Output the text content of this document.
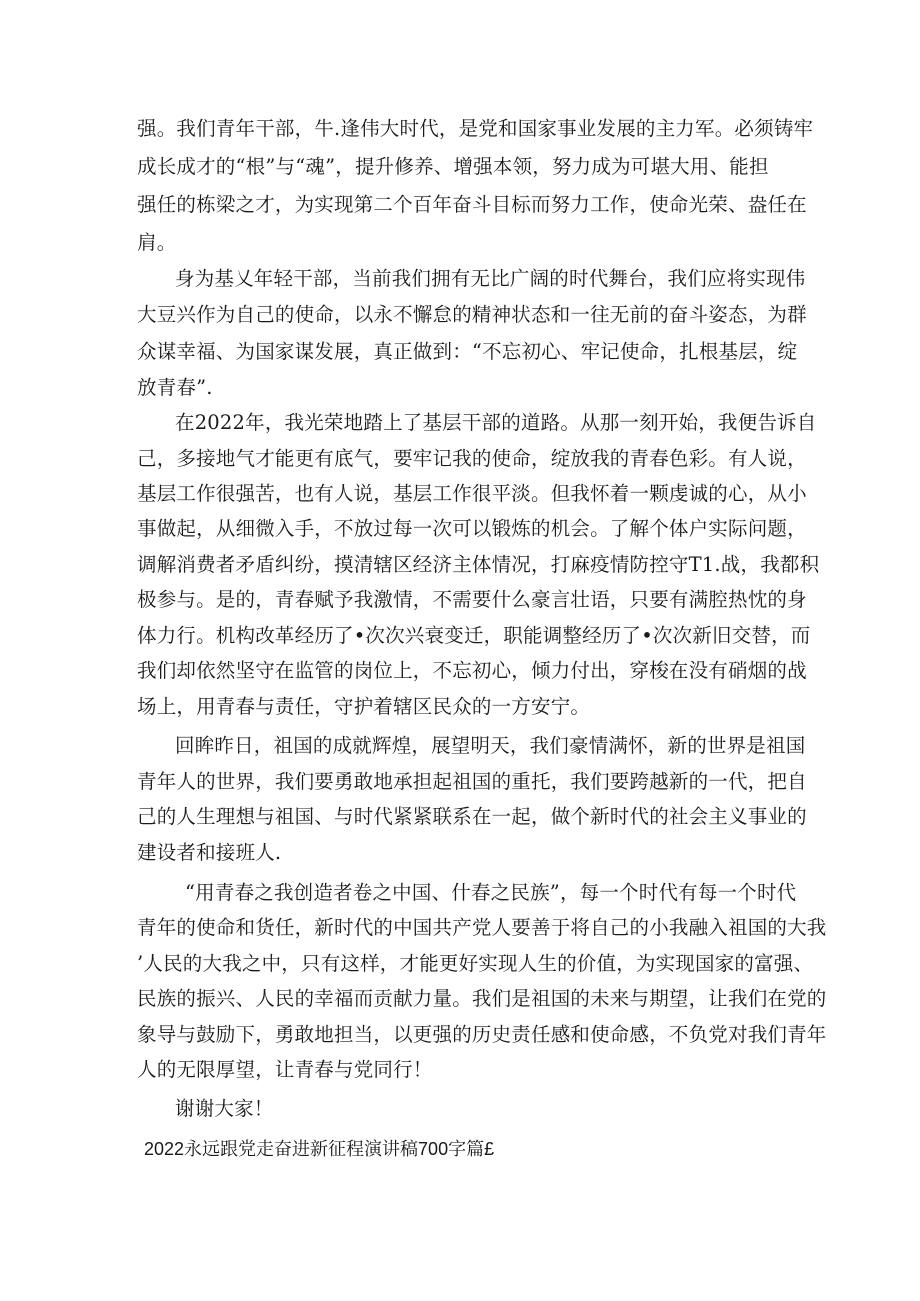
强。我们青年干部，牛.逢伟大时代，是党和国家事业发展的主力军。必须铸牢

成长成才的“根”与“魂”，提升修养、增强本领，努力成为可堪大用、能担

强任的栋梁之才，为实现第二个百年奋斗目标而努力工作，使命光荣、盎任在

肩。

身为基乂年轻干部，当前我们拥有无比广阔的时代舞台，我们应将实现伟

大豆兴作为自己的使命，以永不懈怠的精神状态和一往无前的奋斗姿态，为群

众谋幸福、为国家谋发展，真正做到：“不忘初心、牢记使命，扎根基层，绽

放青春”.

在2022年，我光荣地踏上了基层干部的道路。从那一刻开始，我便告诉自

己，多接地气才能更有底气，要牢记我的使命，绽放我的青春色彩。有人说，

基层工作很强苦，也有人说，基层工作很平淡。但我怀着一颗虔诚的心，从小

事做起，从细微入手，不放过每一次可以锻炼的机会。了解个体户实际问题，

调解消费者矛盾纠纷，摸清辖区经济主体情况，打麻疫情防控守T1.战，我都积

极参与。是的，青春赋予我激情，不需要什么豪言壮语，只要有满腔热忱的身

体力行。机构改革经历了•次次兴衰变迁，职能调整经历了•次次新旧交替，而

我们却依然坚守在监管的岗位上，不忘初心，倾力付出，穿梭在没有硝烟的战

场上，用青春与责任，守护着辖区民众的一方安宁。

回眸昨日，祖国的成就辉煌，展望明天，我们豪情满怀，新的世界是祖国

青年人的世界，我们要勇敢地承担起祖国的重托，我们要跨越新的一代，把自

己的人生理想与祖国、与时代紧紧联系在一起，做个新时代的社会主义事业的

建设者和接班人.

“用青春之我创造者卷之中国、什春之民族”，每一个时代有每一个时代

青年的使命和货任，新时代的中国共产党人要善于将自己的小我融入祖国的大我

’人民的大我之中，只有这样，才能更好实现人生的价值，为实现国家的富强、

民族的振兴、人民的幸福而贡献力量。我们是祖国的未来与期望，让我们在党的

象导与鼓励下，勇敢地担当，以更强的历史责任感和使命感，不负党对我们青年

人的无限厚望，让青春与党同行！

谢谢大家！

2022永远跟党走奋进新征程演讲稿700字篇£
